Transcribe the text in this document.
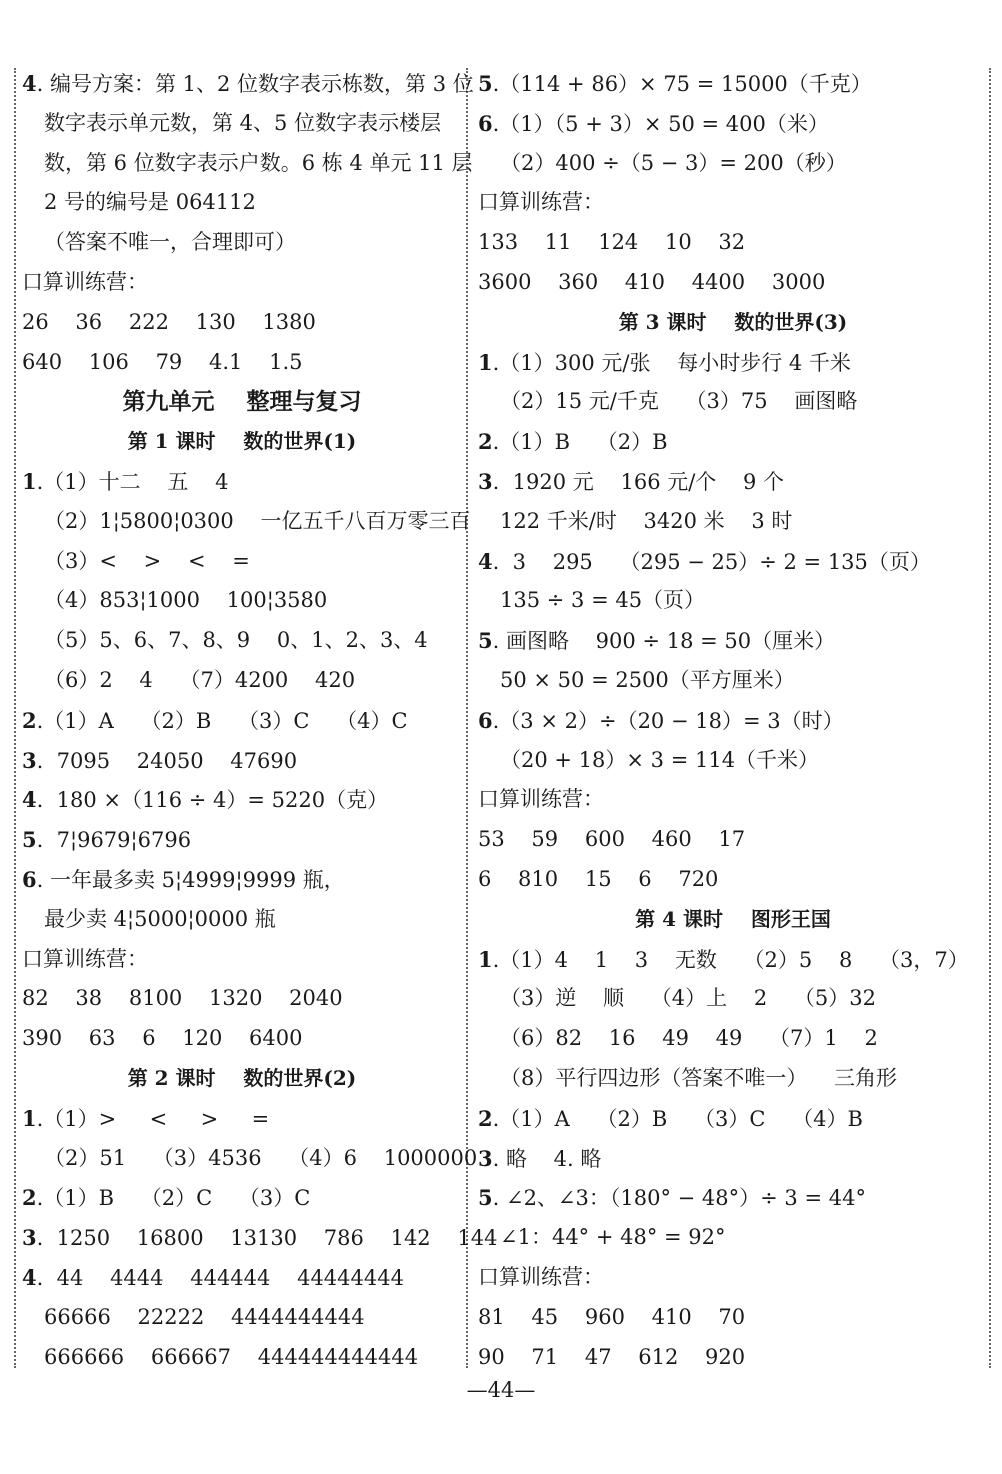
4. 编号方案：第 1、2 位数字表示栋数，第 3 位
数字表示单元数，第 4、5 位数字表示楼层
数，第 6 位数字表示户数。6 栋 4 单元 11 层
2 号的编号是 064112
（答案不唯一，合理即可）
口算训练营：
26    36    222    130    1380
640    106    79    4.1    1.5
第九单元    整理与复习
第 1 课时    数的世界(1)
1.（1）十二    五    4
（2）1¦5800¦0300    一亿五千八百万零三百
（3）<    >    <    =
（4）853¦1000    100¦3580
（5）5、6、7、8、9    0、1、2、3、4
（6）2    4    （7）4200    420
2.（1）A    （2）B    （3）C    （4）C
3.  7095    24050    47690
4.  180 ×（116 ÷ 4）= 5220（克）
5.  7¦9679¦6796
6. 一年最多卖 5¦4999¦9999 瓶，
最少卖 4¦5000¦0000 瓶
口算训练营：
82    38    8100    1320    2040
390    63    6    120    6400
第 2 课时    数的世界(2)
1.（1）>     <     >     =
（2）51    （3）4536    （4）6    1000000
2.（1）B    （2）C    （3）C
3.  1250    16800    13130    786    142    144
4.  44    4444    444444    44444444
66666    22222    4444444444
666666    666667    444444444444
5.（114 + 86）× 75 = 15000（千克）
6.（1）（5 + 3）× 50 = 400（米）
（2）400 ÷（5 − 3）= 200（秒）
口算训练营：
133    11    124    10    32
3600    360    410    4400    3000
第 3 课时    数的世界(3)
1.（1）300 元/张    每小时步行 4 千米
（2）15 元/千克    （3）75    画图略
2.（1）B    （2）B
3.  1920 元    166 元/个    9 个
122 千米/时    3420 米    3 时
4.  3    295    （295 − 25）÷ 2 = 135（页）
135 ÷ 3 = 45（页）
5. 画图略    900 ÷ 18 = 50（厘米）
50 × 50 = 2500（平方厘米）
6.（3 × 2）÷（20 − 18）= 3（时）
（20 + 18）× 3 = 114（千米）
口算训练营：
53    59    600    460    17
6    810    15    6    720
第 4 课时    图形王国
1.（1）4    1    3    无数    （2）5    8    （3，7）
（3）逆    顺    （4）上    2    （5）32
（6）82    16    49    49    （7）1    2
（8）平行四边形（答案不唯一）    三角形
2.（1）A    （2）B    （3）C    （4）B
3. 略    4. 略
5. ∠2、∠3：（180° − 48°）÷ 3 = 44°
∠1：44° + 48° = 92°
口算训练营：
81    45    960    410    70
90    71    47    612    920
—44—
